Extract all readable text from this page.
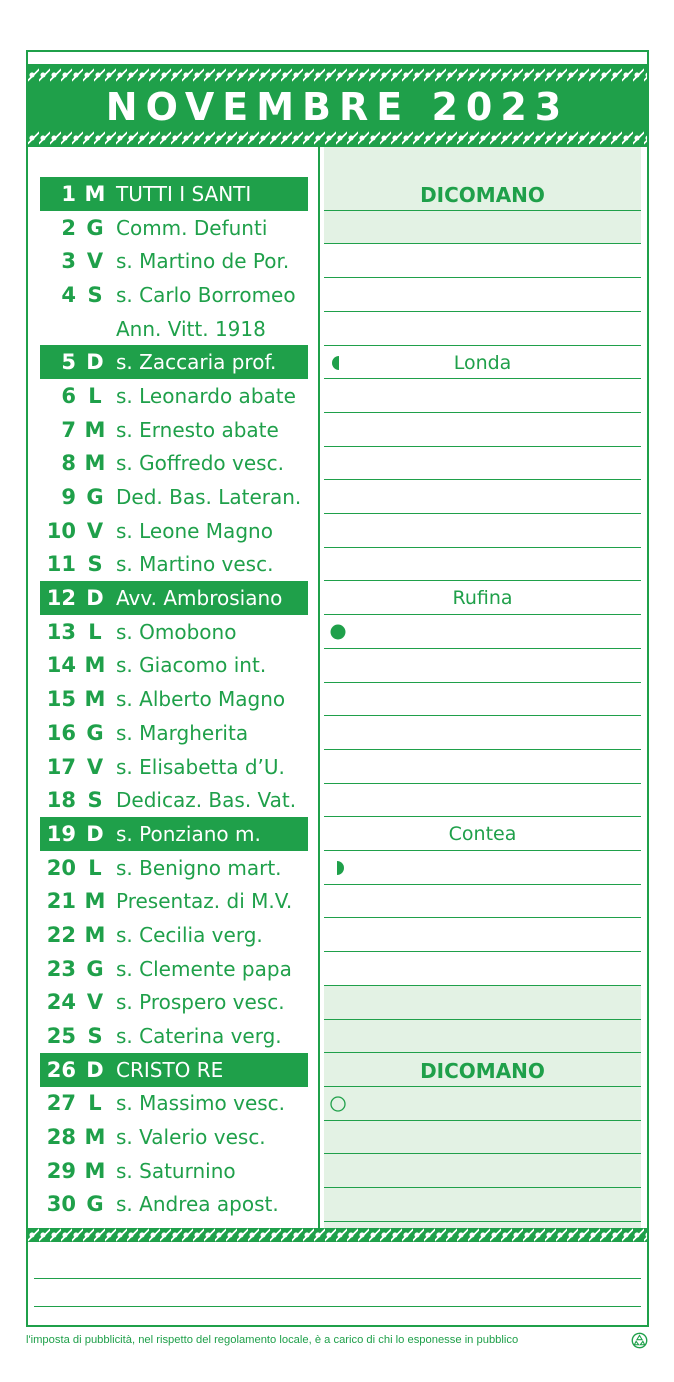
NOVEMBRE 2023
1 M TUTTI I SANTI
2 G Comm. Defunti
3 V s. Martino de Por.
4 S s. Carlo Borromeo
Ann. Vitt. 1918
5 D s. Zaccaria prof.
6 L s. Leonardo abate
7 M s. Ernesto abate
8 M s. Goffredo vesc.
9 G Ded. Bas. Lateran.
10 V s. Leone Magno
11 S s. Martino vesc.
12 D Avv. Ambrosiano
13 L s. Omobono
14 M s. Giacomo int.
15 M s. Alberto Magno
16 G s. Margherita
17 V s. Elisabetta d’U.
18 S Dedicaz. Bas. Vat.
19 D s. Ponziano m.
20 L s. Benigno mart.
21 M Presentaz. di M.V.
22 M s. Cecilia verg.
23 G s. Clemente papa
24 V s. Prospero vesc.
25 S s. Caterina verg.
26 D CRISTO RE
27 L s. Massimo vesc.
28 M s. Valerio vesc.
29 M s. Saturnino
30 G s. Andrea apost.
DICOMANO
Londa
Rufina
Contea
DICOMANO
l'imposta di pubblicità, nel rispetto del regolamento locale, è a carico di chi lo esponesse in pubblico
